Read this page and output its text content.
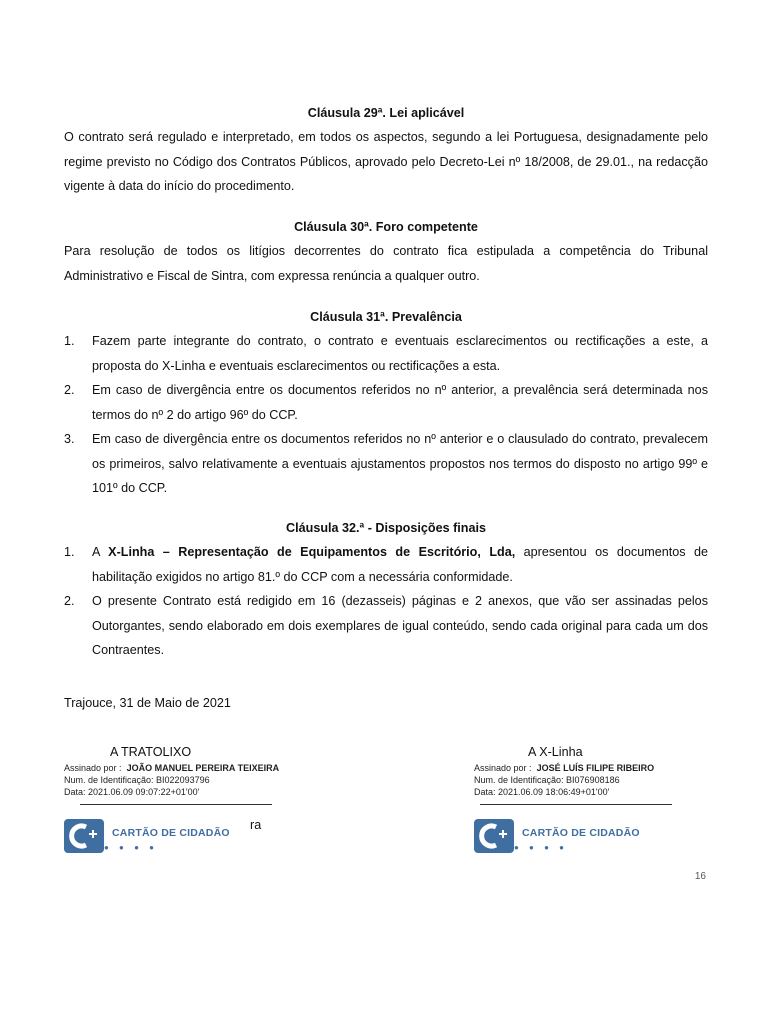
Cláusula 29ª. Lei aplicável
O contrato será regulado e interpretado, em todos os aspectos, segundo a lei Portuguesa, designadamente pelo regime previsto no Código dos Contratos Públicos, aprovado pelo Decreto-Lei nº 18/2008, de 29.01., na redacção vigente à data do início do procedimento.
Cláusula 30ª. Foro competente
Para resolução de todos os litígios decorrentes do contrato fica estipulada a competência do Tribunal Administrativo e Fiscal de Sintra, com expressa renúncia a qualquer outro.
Cláusula 31ª. Prevalência
1. Fazem parte integrante do contrato, o contrato e eventuais esclarecimentos ou rectificações a este, a proposta do X-Linha e eventuais esclarecimentos ou rectificações a esta.
2. Em caso de divergência entre os documentos referidos no nº anterior, a prevalência será determinada nos termos do nº 2 do artigo 96º do CCP.
3. Em caso de divergência entre os documentos referidos no nº anterior e o clausulado do contrato, prevalecem os primeiros, salvo relativamente a eventuais ajustamentos propostos nos termos do disposto no artigo 99º e 101º do CCP.
Cláusula 32.ª - Disposições finais
1. A X-Linha – Representação de Equipamentos de Escritório, Lda, apresentou os documentos de habilitação exigidos no artigo 81.º do CCP com a necessária conformidade.
2. O presente Contrato está redigido em 16 (dezasseis) páginas e 2 anexos, que vão ser assinadas pelos Outorgantes, sendo elaborado em dois exemplares de igual conteúdo, sendo cada original para cada um dos Contraentes.
Trajouce, 31 de Maio de 2021
A TRATOLIXO
Assinado por : JOÃO MANUEL PEREIRA TEIXEIRA
Num. de Identificação: BI022093796
Data: 2021.06.09 09:07:22+01'00'
CARTÃO DE CIDADÃO
● ● ● ●
ra
A X-Linha
Assinado por : JOSÉ LUÍS FILIPE RIBEIRO
Num. de Identificação: BI076908186
Data: 2021.06.09 18:06:49+01'00'
CARTÃO DE CIDADÃO
● ● ● ●
16
